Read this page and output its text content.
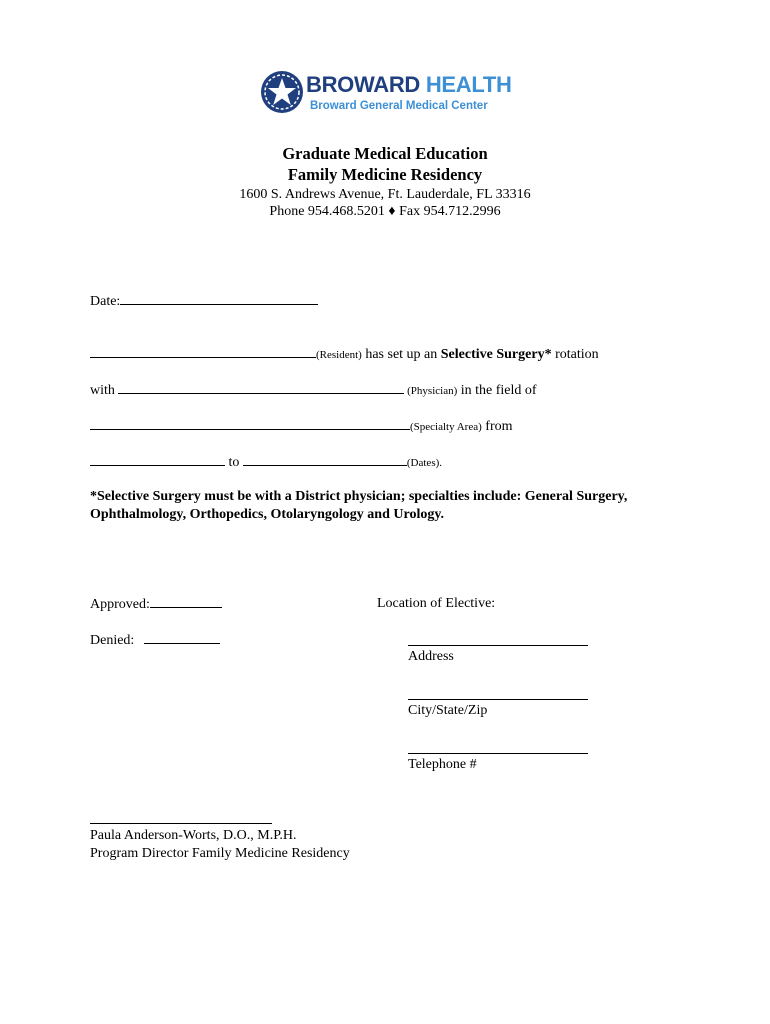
BROWARD HEALTH
Broward General Medical Center
Graduate Medical Education
Family Medicine Residency
1600 S. Andrews Avenue, Ft. Lauderdale, FL 33316
Phone 954.468.5201 ♦ Fax 954.712.2996
Date:
(Resident) has set up an Selective Surgery* rotation
with	(Physician) in the field of
(Specialty Area) from
to	(Dates).
*Selective Surgery must be with a District physician; specialties include: General Surgery, Ophthalmology, Orthopedics, Otolaryngology and Urology.
Approved:
Denied:
Location of Elective:
Address
City/State/Zip
Telephone #
Paula Anderson-Worts, D.O., M.P.H.
Program Director Family Medicine Residency
